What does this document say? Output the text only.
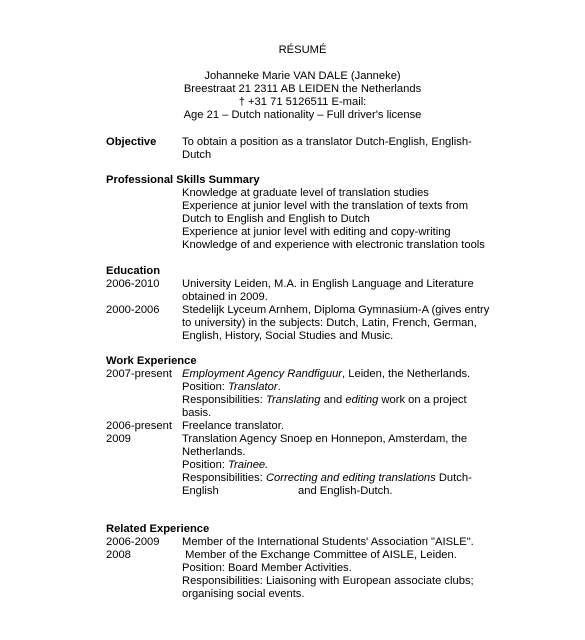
RÉSUMÉ
Johanneke Marie VAN DALE (Janneke)
Breestraat 21 2311 AB LEIDEN the Netherlands
† +31 71 5126511 E-mail:
Age 21 – Dutch nationality – Full driver's license
Objective To obtain a position as a translator Dutch-English, English-
Dutch
Professional Skills Summary
Knowledge at graduate level of translation studies
Experience at junior level with the translation of texts from
Dutch to English and English to Dutch
Experience at junior level with editing and copy-writing
Knowledge of and experience with electronic translation tools
Education
2006-2010 University Leiden, M.A. in English Language and Literature
obtained in 2009.
2000-2006 Stedelijk Lyceum Arnhem, Diploma Gymnasium-A (gives entry
to university) in the subjects: Dutch, Latin, French, German,
English, History, Social Studies and Music.
Work Experience
2007-present Employment Agency Randfiguur, Leiden, the Netherlands.
Position: Translator.
Responsibilities: Translating and editing work on a project
basis.
2006-present Freelance translator.
2009	Translation Agency Snoep en Honnepon, Amsterdam, the
Netherlands.
Position: Trainee.
Responsibilities: Correcting and editing translations Dutch-
English	and English-Dutch.
Related Experience
2006-2009 Member of the International Students' Association "AISLE".
2008	Member of the Exchange Committee of AISLE, Leiden.
Position: Board Member Activities.
Responsibilities: Liaisoning with European associate clubs;
organising social events.
